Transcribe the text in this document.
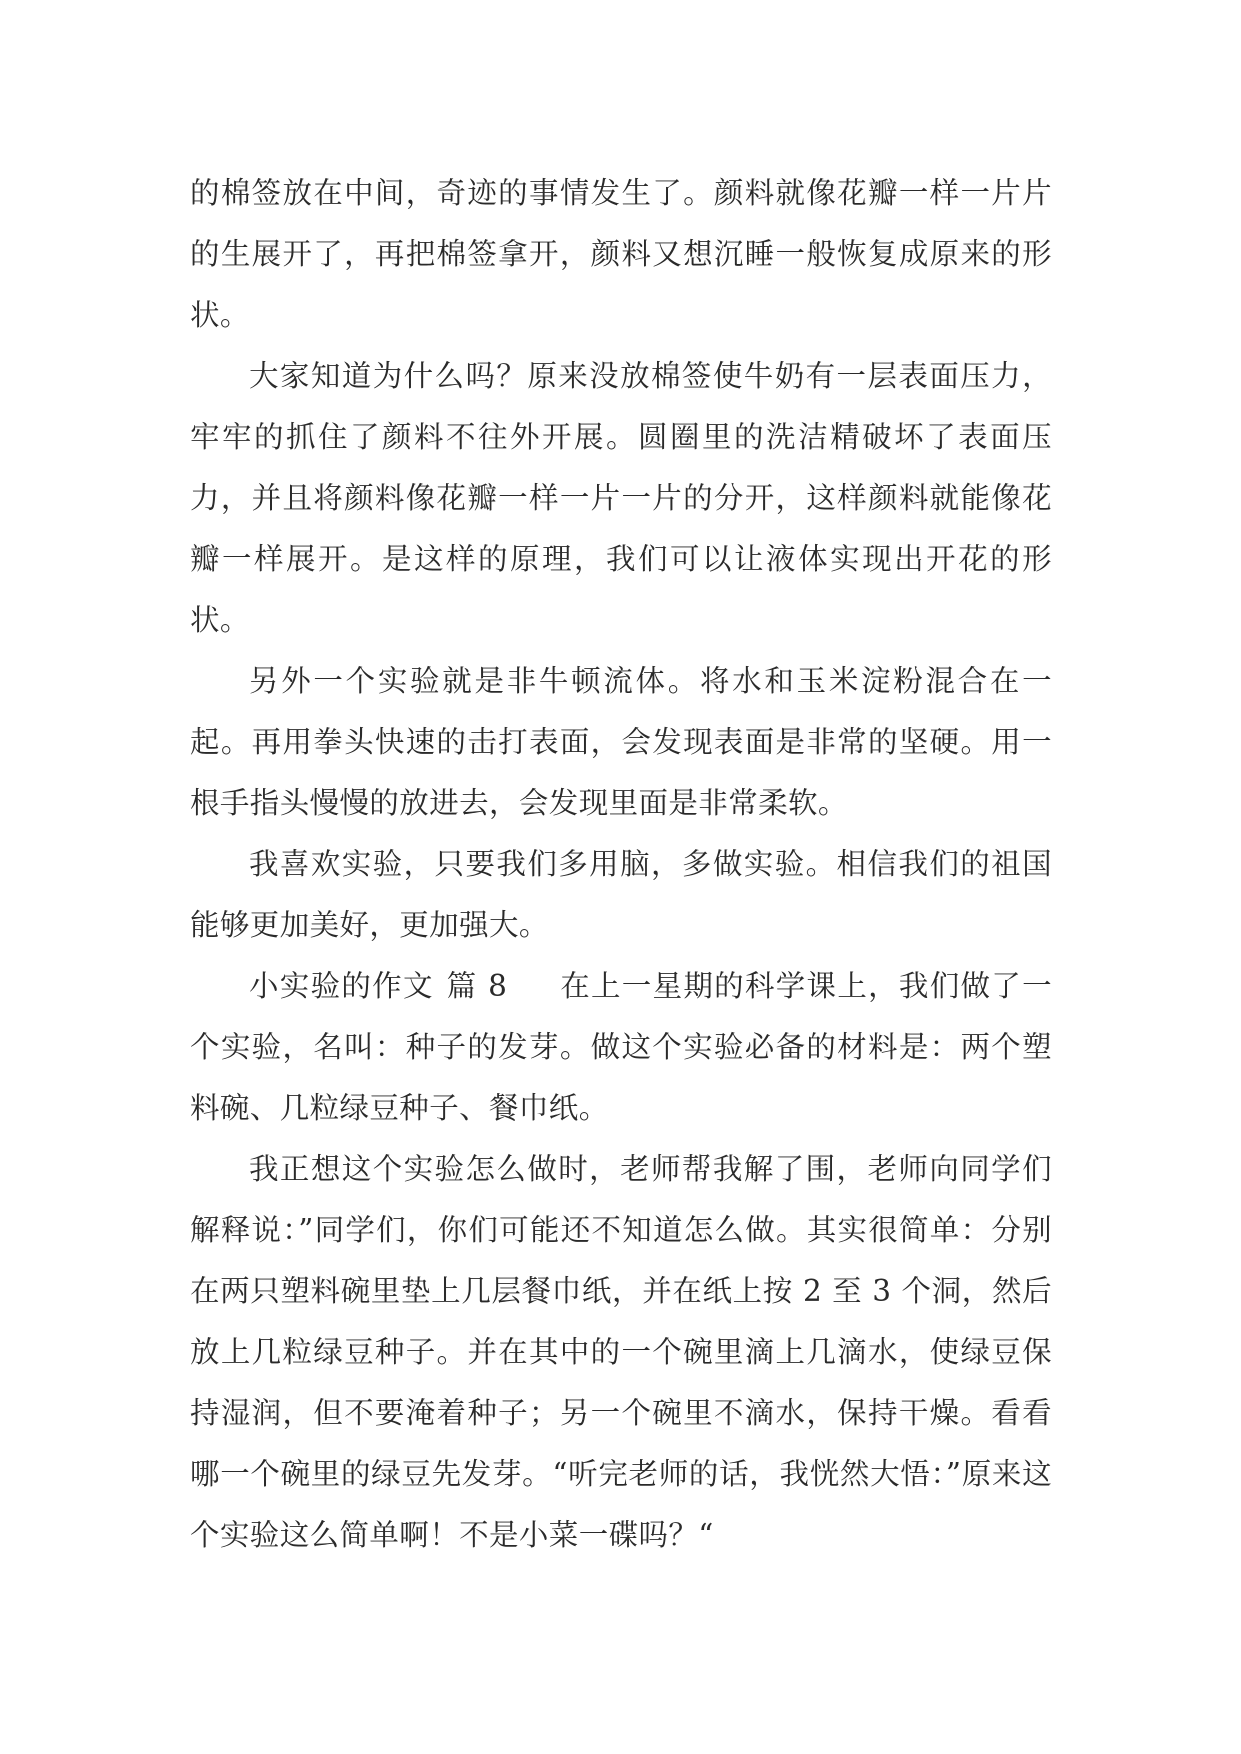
的棉签放在中间，奇迹的事情发生了。颜料就像花瓣一样一片片的生展开了，再把棉签拿开，颜料又想沉睡一般恢复成原来的形状。

大家知道为什么吗？原来没放棉签使牛奶有一层表面压力，牢牢的抓住了颜料不往外开展。圆圈里的洗洁精破坏了表面压力，并且将颜料像花瓣一样一片一片的分开，这样颜料就能像花瓣一样展开。是这样的原理，我们可以让液体实现出开花的形状。

另外一个实验就是非牛顿流体。将水和玉米淀粉混合在一起。再用拳头快速的击打表面，会发现表面是非常的坚硬。用一根手指头慢慢的放进去，会发现里面是非常柔软。

我喜欢实验，只要我们多用脑，多做实验。相信我们的祖国能够更加美好，更加强大。

小实验的作文 篇 8 在上一星期的科学课上，我们做了一个实验，名叫：种子的发芽。做这个实验必备的材料是：两个塑料碗、几粒绿豆种子、餐巾纸。

我正想这个实验怎么做时，老师帮我解了围，老师向同学们解释说：”同学们，你们可能还不知道怎么做。其实很简单：分别在两只塑料碗里垫上几层餐巾纸，并在纸上按 2 至 3 个洞，然后放上几粒绿豆种子。并在其中的一个碗里滴上几滴水，使绿豆保持湿润，但不要淹着种子；另一个碗里不滴水，保持干燥。看看哪一个碗里的绿豆先发芽。“听完老师的话，我恍然大悟：”原来这个实验这么简单啊！不是小菜一碟吗？“
